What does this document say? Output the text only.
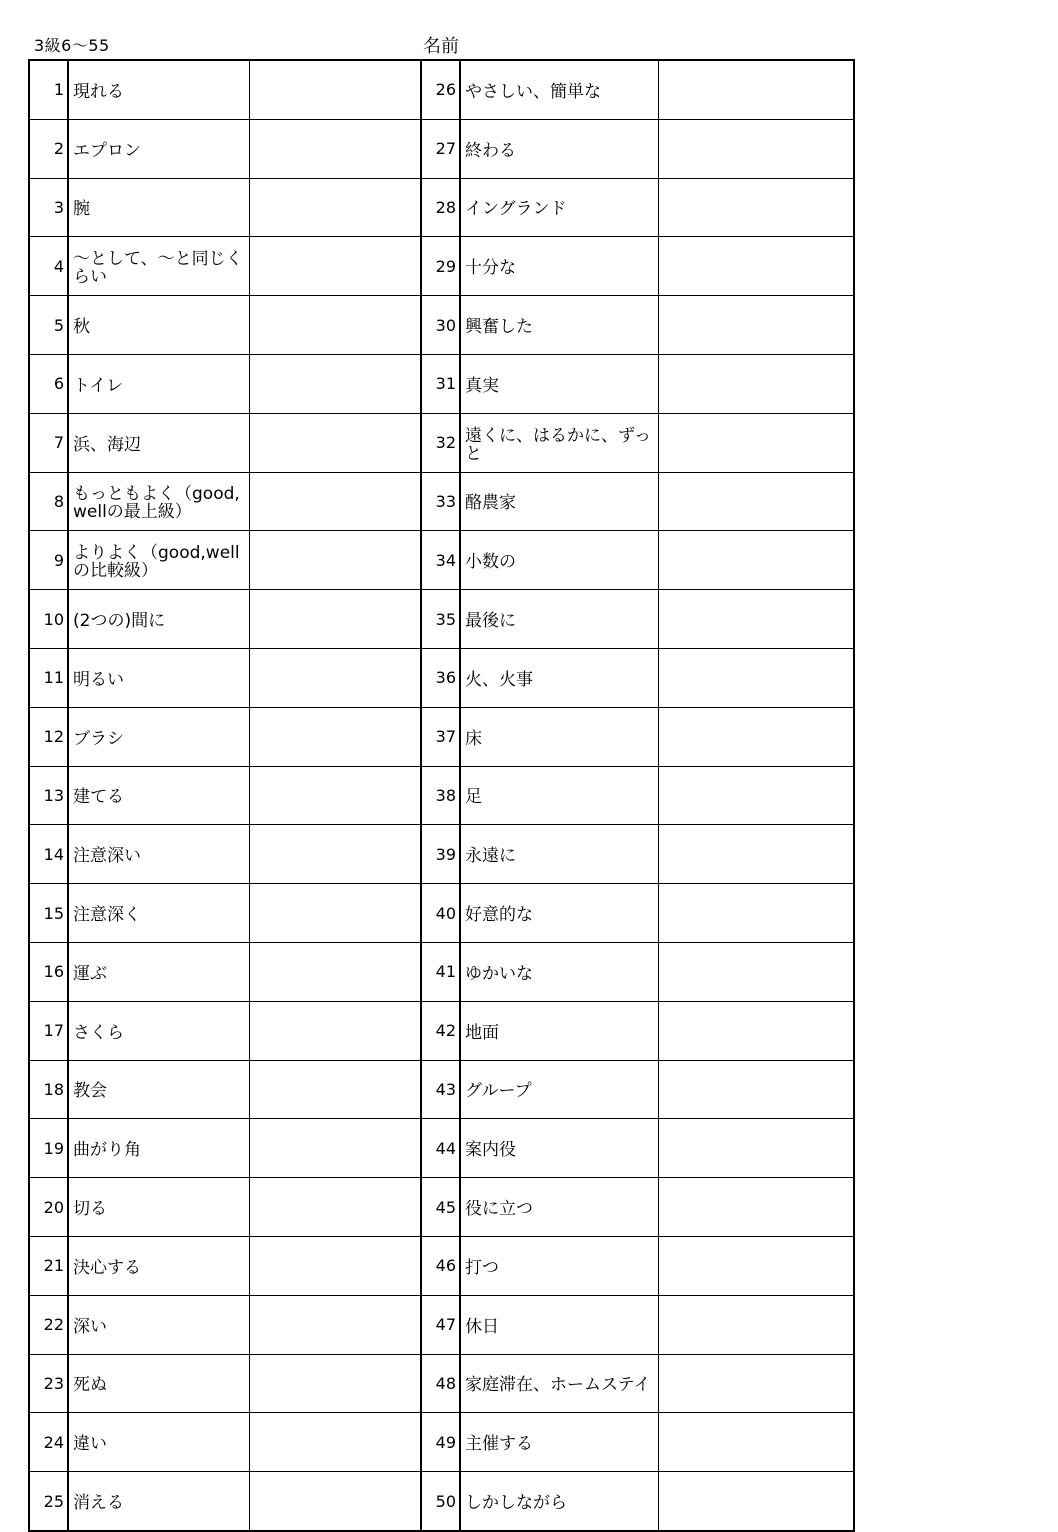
3級6～55	名前
1	現れる		26	やさしい、簡単な	
2	エプロン		27	終わる	
3	腕		28	イングランド	
4	～として、～と同じくらい		29	十分な	
5	秋		30	興奮した	
6	トイレ		31	真実	
7	浜、海辺		32	遠くに、はるかに、ずっと	
8	もっともよく（good,wellの最上級）		33	酪農家	
9	よりよく（good,wellの比較級）		34	小数の	
10	(2つの)間に		35	最後に	
11	明るい		36	火、火事	
12	ブラシ		37	床	
13	建てる		38	足	
14	注意深い		39	永遠に	
15	注意深く		40	好意的な	
16	運ぶ		41	ゆかいな	
17	さくら		42	地面	
18	教会		43	グループ	
19	曲がり角		44	案内役	
20	切る		45	役に立つ	
21	決心する		46	打つ	
22	深い		47	休日	
23	死ぬ		48	家庭滞在、ホームステイ	
24	違い		49	主催する	
25	消える		50	しかしながら	
